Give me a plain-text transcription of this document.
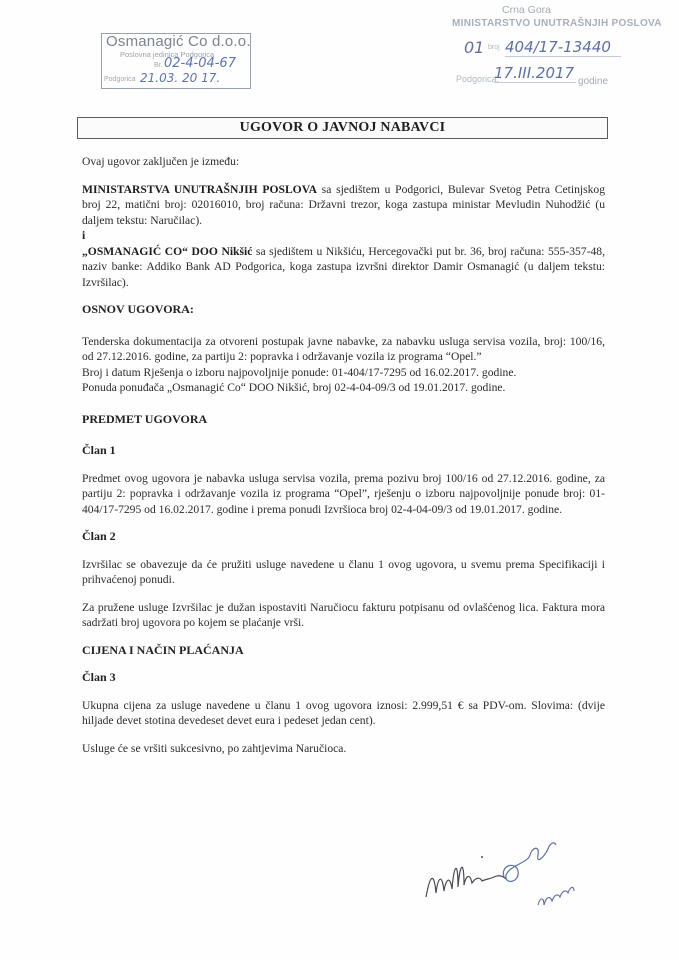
Osmanagić Co d.o.o.
Poslovna jedinica Podgorica
Br. 02-4-04-67
Podgorica 21.03. 20 17.
Crna Gora
MINISTARSTVO UNUTRAŠNJIH POSLOVA
01 broj 404/17-13440
Podgorica,
17.III.2017 godine
UGOVOR O JAVNOJ NABAVCI

Ovaj ugovor zaključen je između:

MINISTARSTVA UNUTRAŠNJIH POSLOVA sa sjedištem u Podgorici, Bulevar Svetog Petra Cetinjskog broj 22, matični broj: 02016010, broj računa: Državni trezor, koga zastupa ministar Mevludin Nuhodžić (u daljem tekstu: Naručilac).

i

„OSMANAGIĆ CO“ DOO Nikšić sa sjedištem u Nikšiću, Hercegovački put br. 36, broj računa: 555-357-48, naziv banke: Addiko Bank AD Podgorica, koga zastupa izvršni direktor Damir Osmanagić (u daljem tekstu: Izvršilac).

OSNOV UGOVORA:

Tenderska dokumentacija za otvoreni postupak javne nabavke, za nabavku usluga servisa vozila, broj: 100/16, od 27.12.2016. godine, za partiju 2: popravka i održavanje vozila iz programa “Opel.”

Broj i datum Rješenja o izboru najpovoljnije ponude: 01-404/17-7295 od 16.02.2017. godine.

Ponuda ponuđača „Osmanagić Co“ DOO Nikšić, broj 02-4-04-09/3 od 19.01.2017. godine.

PREDMET UGOVORA

Član 1

Predmet ovog ugovora je nabavka usluga servisa vozila, prema pozivu broj 100/16 od 27.12.2016. godine, za partiju 2: popravka i održavanje vozila iz programa “Opel”, rješenju o izboru najpovoljnije ponude broj: 01-404/17-7295 od 16.02.2017. godine i prema ponudi Izvršioca broj 02-4-04-09/3 od 19.01.2017. godine.

Član 2

Izvršilac se obavezuje da će pružiti usluge navedene u članu 1 ovog ugovora, u svemu prema Specifikaciji i prihvaćenoj ponudi.

Za pružene usluge Izvršilac je dužan ispostaviti Naručiocu fakturu potpisanu od ovlašćenog lica. Faktura mora sadržati broj ugovora po kojem se plaćanje vrši.

CIJENA I NAČIN PLAĆANJA

Član 3

Ukupna cijena za usluge navedene u članu 1 ovog ugovora iznosi: 2.999,51 € sa PDV-om. Slovima: (dvije hiljade devet stotina devedeset devet eura i pedeset jedan cent).

Usluge će se vršiti sukcesivno, po zahtjevima Naručioca.
